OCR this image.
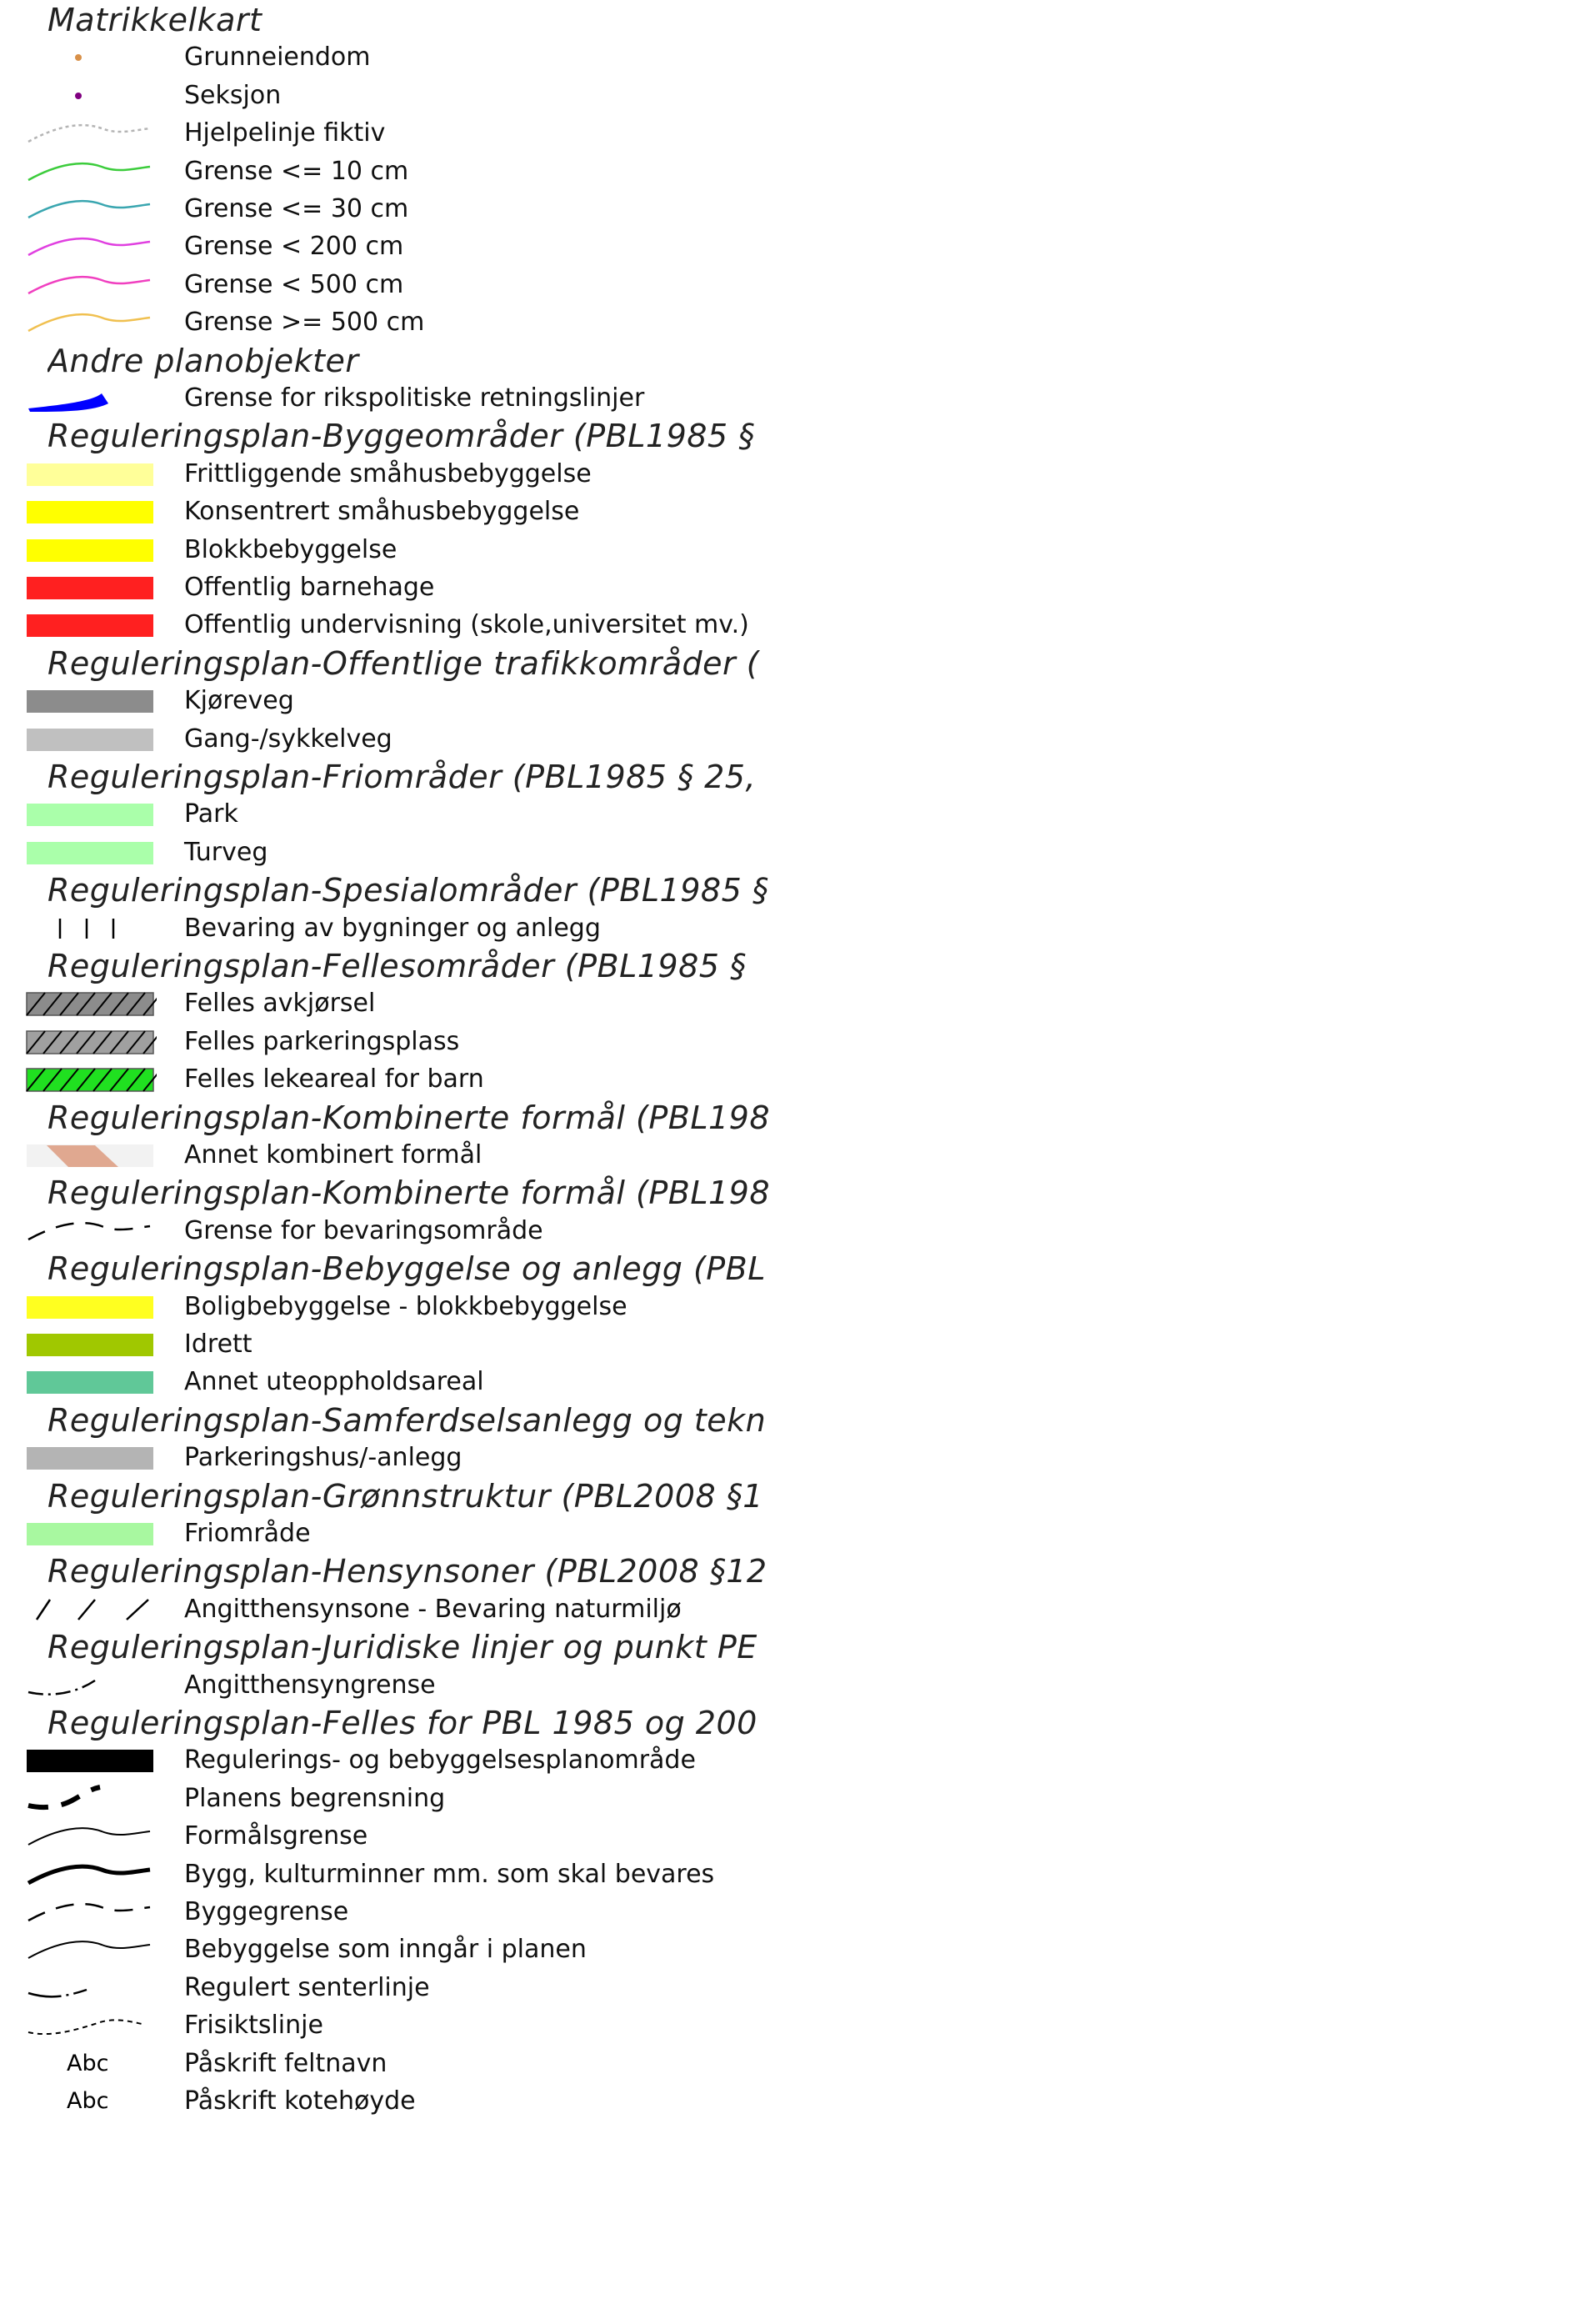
Matrikkelkart
Grunneiendom
Seksjon
Hjelpelinje fiktiv
Grense <= 10 cm
Grense <= 30 cm
Grense < 200 cm
Grense < 500 cm
Grense >= 500 cm
Andre planobjekter
Grense for rikspolitiske retningslinjer
Reguleringsplan-Byggeområder (PBL1985 §
Frittliggende småhusbebyggelse
Konsentrert småhusbebyggelse
Blokkbebyggelse
Offentlig barnehage
Offentlig undervisning (skole,universitet mv.)
Reguleringsplan-Offentlige trafikkområder (
Kjøreveg
Gang-/sykkelveg
Reguleringsplan-Friområder (PBL1985 § 25,
Park
Turveg
Reguleringsplan-Spesialområder (PBL1985 §
Bevaring av bygninger og anlegg
Reguleringsplan-Fellesområder (PBL1985 §
Felles avkjørsel
Felles parkeringsplass
Felles lekeareal for barn
Reguleringsplan-Kombinerte formål (PBL198
Annet kombinert formål
Reguleringsplan-Kombinerte formål (PBL198
Grense for bevaringsområde
Reguleringsplan-Bebyggelse og anlegg (PBL
Boligbebyggelse - blokkbebyggelse
Idrett
Annet uteoppholdsareal
Reguleringsplan-Samferdselsanlegg og tekn
Parkeringshus/-anlegg
Reguleringsplan-Grønnstruktur (PBL2008 §1
Friområde
Reguleringsplan-Hensynsoner (PBL2008 §12
Angitthensynsone - Bevaring naturmiljø
Reguleringsplan-Juridiske linjer og punkt PE
Angitthensyngrense
Reguleringsplan-Felles for PBL 1985 og 200
Regulerings- og bebyggelsesplanområde
Planens begrensning
Formålsgrense
Bygg, kulturminner mm. som skal bevares
Byggegrense
Bebyggelse som inngår i planen
Regulert senterlinje
Frisiktslinje
Abc	Påskrift feltnavn
Abc	Påskrift kotehøyde
